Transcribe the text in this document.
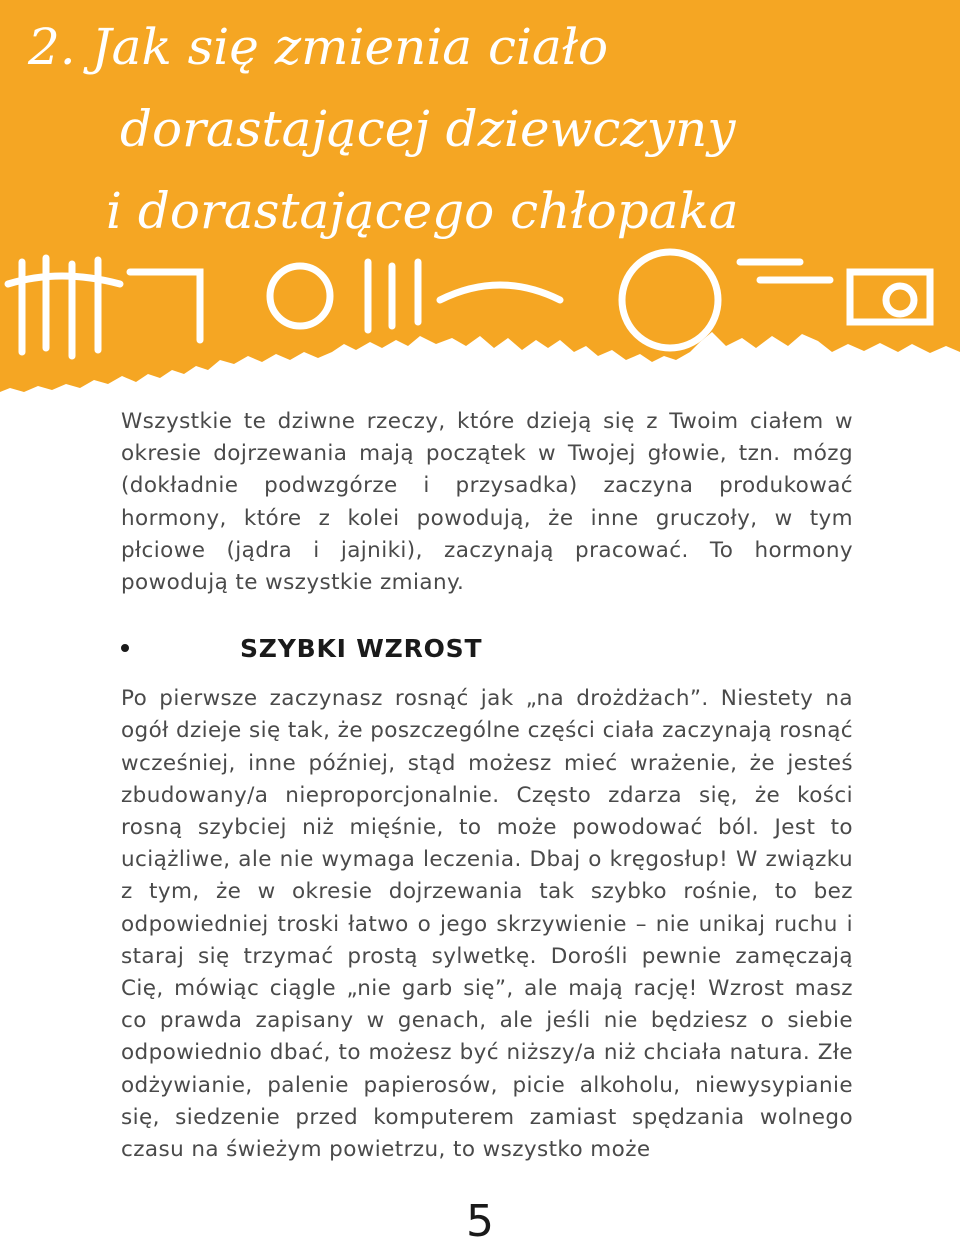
2. Jak się zmienia ciało
dorastającej dziewczyny
i dorastającego chłopaka

Wszystkie te dziwne rzeczy, które dzieją się z Twoim ciałem w okresie dojrzewania mają początek w Twojej głowie, tzn. mózg (dokładnie podwzgórze i przysadka) zaczyna produkować hormony, które z kolei powodują, że inne gruczoły, w tym płciowe (jądra i jajniki), zaczynają pracować. To hormony powodują te wszystkie zmiany.

SZYBKI WZROST

Po pierwsze zaczynasz rosnąć jak „na drożdżach”. Niestety na ogół dzieje się tak, że poszczególne części ciała zaczynają rosnąć wcześniej, inne później, stąd możesz mieć wrażenie, że jesteś zbudowany/a nieproporcjonalnie. Często zdarza się, że kości rosną szybciej niż mięśnie, to może powodować ból. Jest to uciążliwe, ale nie wymaga leczenia. Dbaj o kręgosłup! W związku z tym, że w okresie dojrzewania tak szybko rośnie, to bez odpowiedniej troski łatwo o jego skrzywienie – nie unikaj ruchu i staraj się trzymać prostą sylwetkę. Dorośli pewnie zamęczają Cię, mówiąc ciągle „nie garb się”, ale mają rację! Wzrost masz co prawda zapisany w genach, ale jeśli nie będziesz o siebie odpowiednio dbać, to możesz być niższy/a niż chciała natura. Złe odżywianie, palenie papierosów, picie alkoholu, niewysypianie się, siedzenie przed komputerem zamiast spędzania wolnego czasu na świeżym powietrzu, to wszystko może

5
